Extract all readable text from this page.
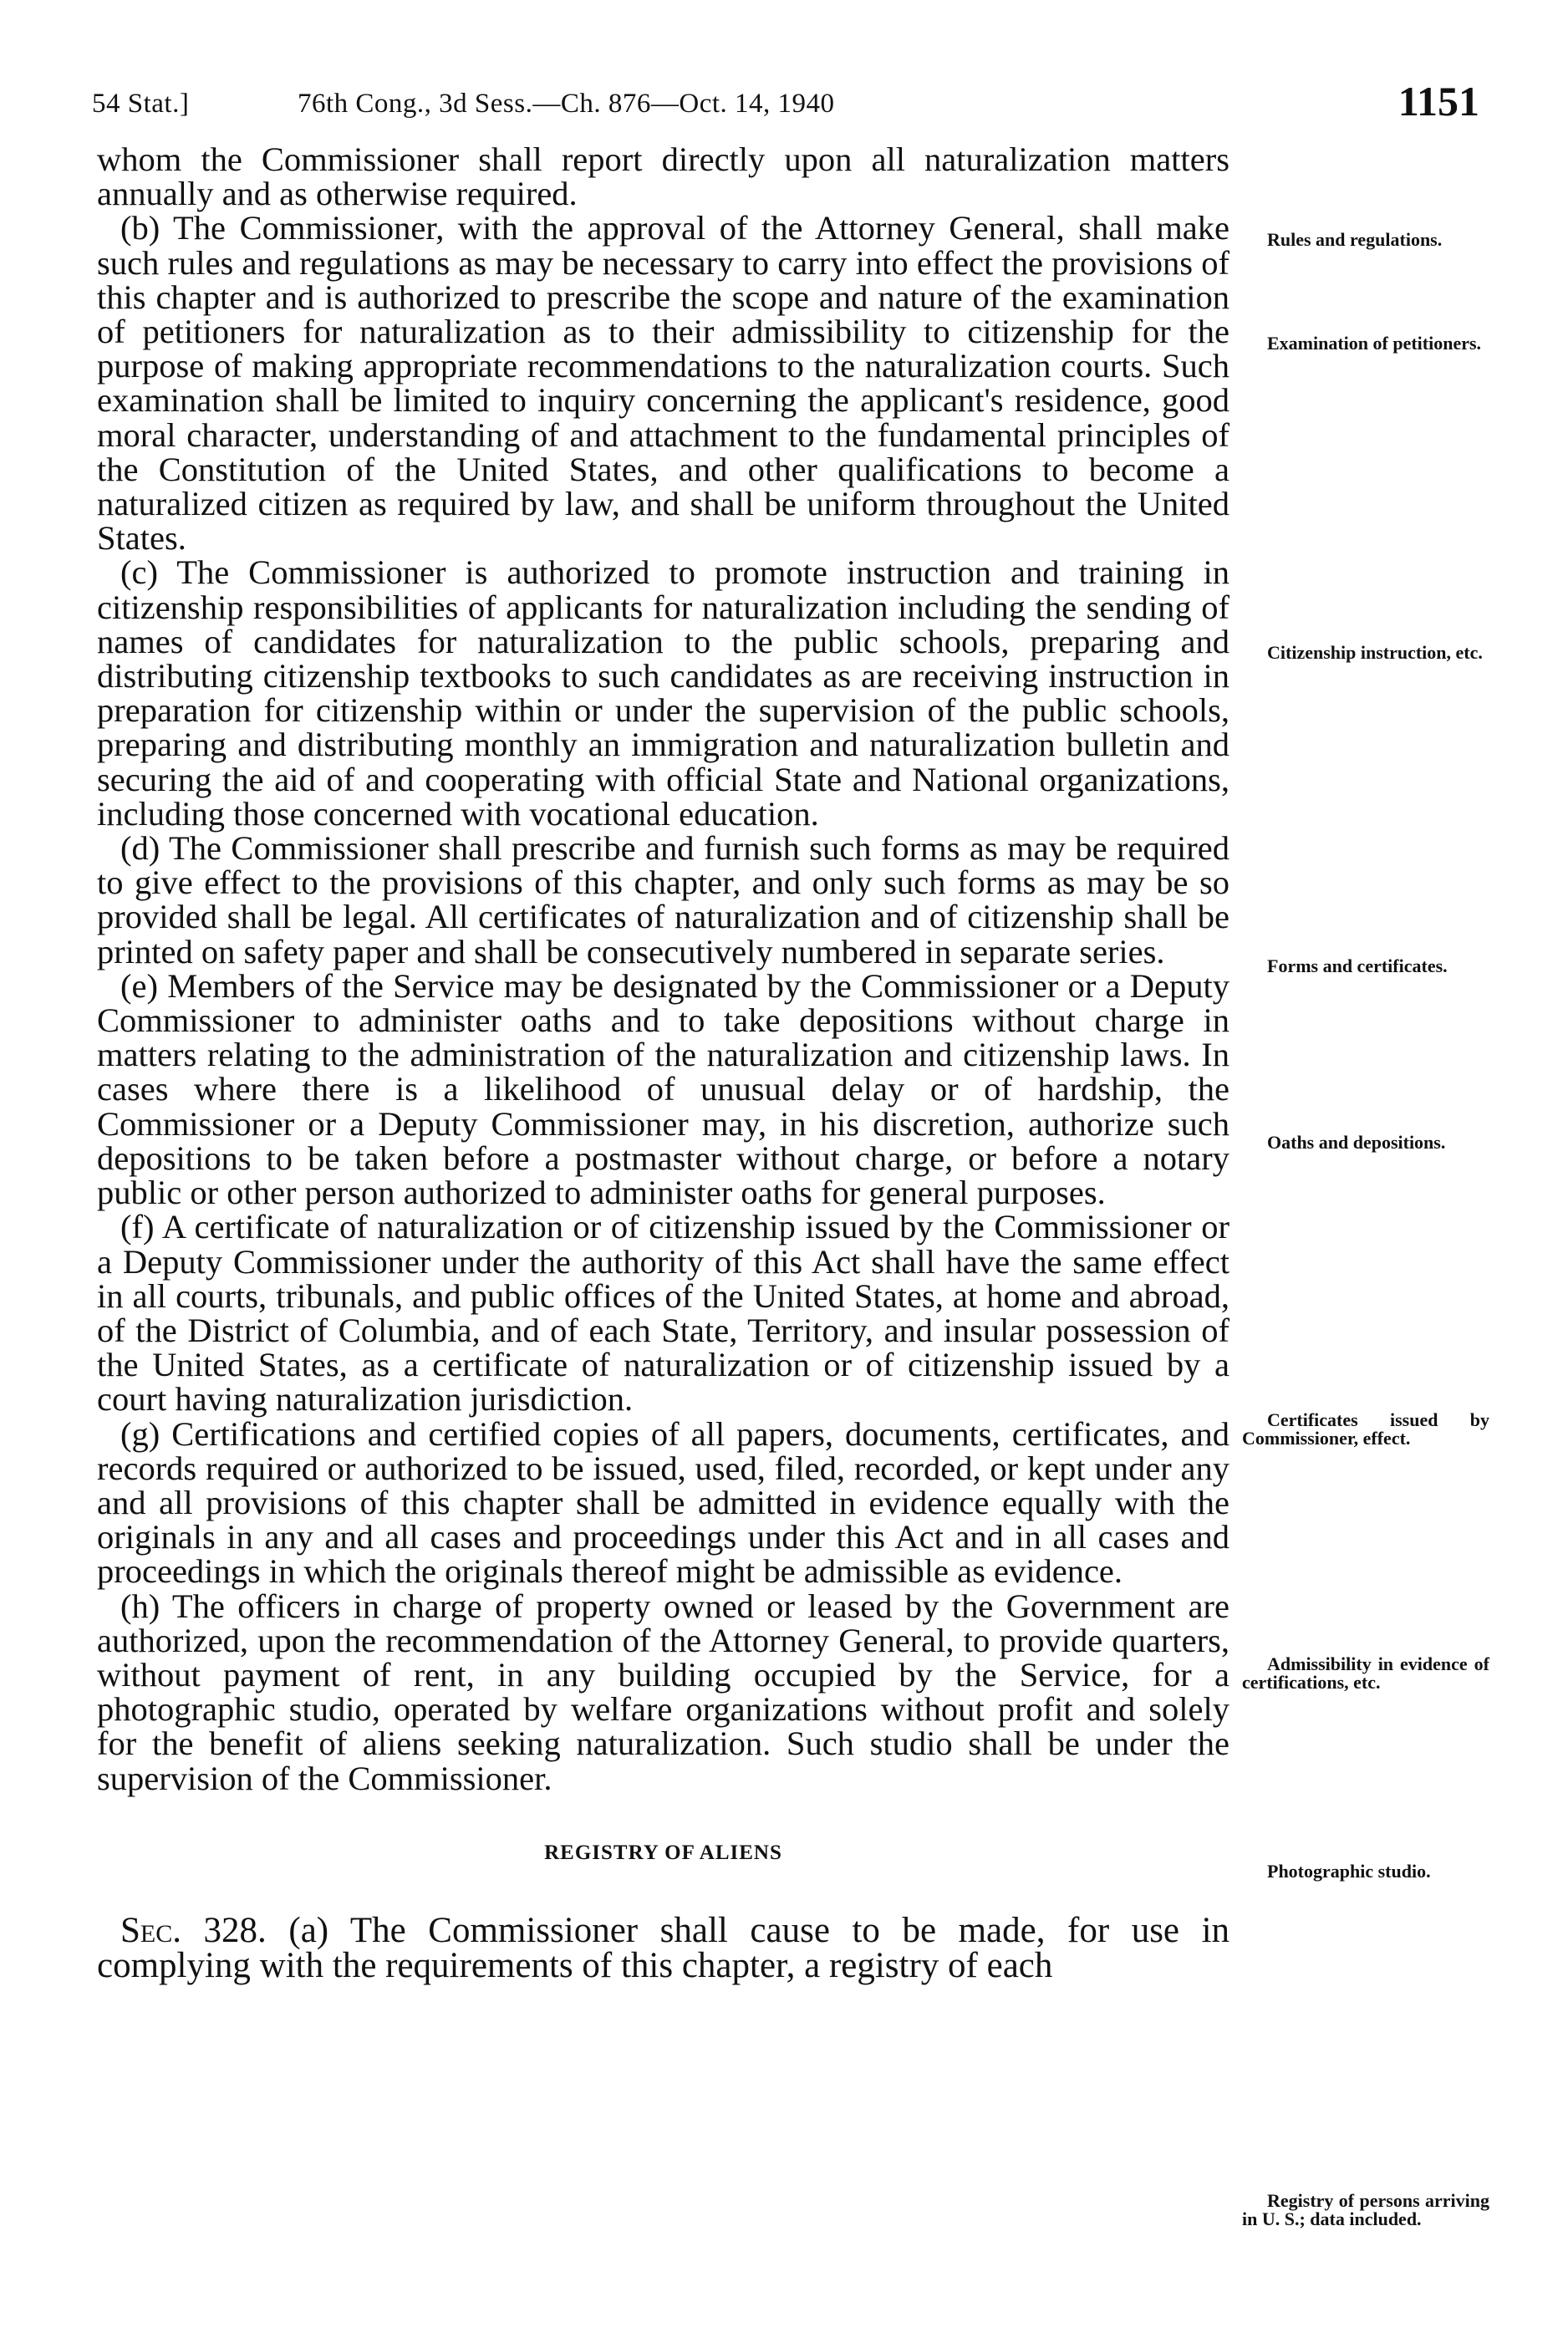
54 Stat.]	76th Cong., 3d Sess.—Ch. 876—Oct. 14, 1940	1151

whom the Commissioner shall report directly upon all naturalization matters annually and as otherwise required.

(b) The Commissioner, with the approval of the Attorney General, shall make such rules and regulations as may be necessary to carry into effect the provisions of this chapter and is authorized to prescribe the scope and nature of the examination of petitioners for naturalization as to their admissibility to citizenship for the purpose of making appropriate recommendations to the naturalization courts. Such examination shall be limited to inquiry concerning the applicant's residence, good moral character, understanding of and attachment to the fundamental principles of the Constitution of the United States, and other qualifications to become a naturalized citizen as required by law, and shall be uniform throughout the United States.

(c) The Commissioner is authorized to promote instruction and training in citizenship responsibilities of applicants for naturalization including the sending of names of candidates for naturalization to the public schools, preparing and distributing citizenship textbooks to such candidates as are receiving instruction in preparation for citizenship within or under the supervision of the public schools, preparing and distributing monthly an immigration and naturalization bulletin and securing the aid of and cooperating with official State and National organizations, including those concerned with vocational education.

(d) The Commissioner shall prescribe and furnish such forms as may be required to give effect to the provisions of this chapter, and only such forms as may be so provided shall be legal. All certificates of naturalization and of citizenship shall be printed on safety paper and shall be consecutively numbered in separate series.

(e) Members of the Service may be designated by the Commissioner or a Deputy Commissioner to administer oaths and to take depositions without charge in matters relating to the administration of the naturalization and citizenship laws. In cases where there is a likelihood of unusual delay or of hardship, the Commissioner or a Deputy Commissioner may, in his discretion, authorize such depositions to be taken before a postmaster without charge, or before a notary public or other person authorized to administer oaths for general purposes.

(f) A certificate of naturalization or of citizenship issued by the Commissioner or a Deputy Commissioner under the authority of this Act shall have the same effect in all courts, tribunals, and public offices of the United States, at home and abroad, of the District of Columbia, and of each State, Territory, and insular possession of the United States, as a certificate of naturalization or of citizenship issued by a court having naturalization jurisdiction.

(g) Certifications and certified copies of all papers, documents, certificates, and records required or authorized to be issued, used, filed, recorded, or kept under any and all provisions of this chapter shall be admitted in evidence equally with the originals in any and all cases and proceedings under this Act and in all cases and proceedings in which the originals thereof might be admissible as evidence.

(h) The officers in charge of property owned or leased by the Government are authorized, upon the recommendation of the Attorney General, to provide quarters, without payment of rent, in any building occupied by the Service, for a photographic studio, operated by welfare organizations without profit and solely for the benefit of aliens seeking naturalization. Such studio shall be under the supervision of the Commissioner.

REGISTRY OF ALIENS

Sec. 328. (a) The Commissioner shall cause to be made, for use in complying with the requirements of this chapter, a registry of each

Rules and regulations.
Examination of petitioners.
Citizenship instruction, etc.
Forms and certificates.
Oaths and depositions.
Certificates issued by Commissioner, effect.
Admissibility in evidence of certifications, etc.
Photographic studio.
Registry of persons arriving in U. S.; data included.
